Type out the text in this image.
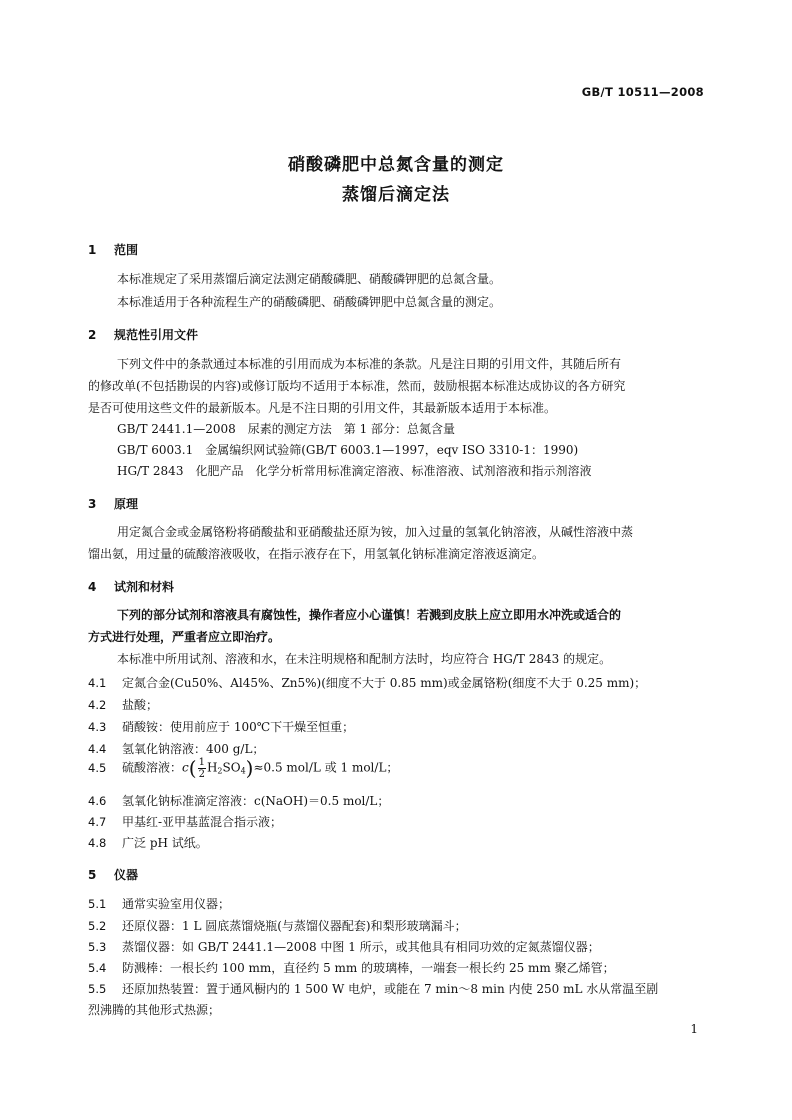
GB/T 10511—2008
硝酸磷肥中总氮含量的测定
蒸馏后滴定法
1 范围
本标准规定了采用蒸馏后滴定法测定硝酸磷肥、硝酸磷钾肥的总氮含量。
本标准适用于各种流程生产的硝酸磷肥、硝酸磷钾肥中总氮含量的测定。
2 规范性引用文件
下列文件中的条款通过本标准的引用而成为本标准的条款。凡是注日期的引用文件，其随后所有
的修改单(不包括勘误的内容)或修订版均不适用于本标准，然而，鼓励根据本标准达成协议的各方研究
是否可使用这些文件的最新版本。凡是不注日期的引用文件，其最新版本适用于本标准。
GB/T 2441.1—2008　尿素的测定方法　第 1 部分：总氮含量
GB/T 6003.1　金属编织网试验筛(GB/T 6003.1—1997，eqv ISO 3310-1：1990)
HG/T 2843　化肥产品　化学分析常用标准滴定溶液、标准溶液、试剂溶液和指示剂溶液
3 原理
用定氮合金或金属铬粉将硝酸盐和亚硝酸盐还原为铵，加入过量的氢氧化钠溶液，从碱性溶液中蒸
馏出氨，用过量的硫酸溶液吸收，在指示液存在下，用氢氧化钠标准滴定溶液返滴定。
4 试剂和材料
下列的部分试剂和溶液具有腐蚀性，操作者应小心谨慎！若溅到皮肤上应立即用水冲洗或适合的
方式进行处理，严重者应立即治疗。
本标准中所用试剂、溶液和水，在未注明规格和配制方法时，均应符合 HG/T 2843 的规定。
4.1 定氮合金(Cu50%、Al45%、Zn5%)(细度不大于 0.85 mm)或金属铬粉(细度不大于 0.25 mm)；
4.2 盐酸；
4.3 硝酸铵：使用前应于 100℃下干燥至恒重；
4.4 氢氧化钠溶液：400 g/L；
4.5 硫酸溶液：$c( \frac{1}{2} H_2SO_4)\approx 0.5$ mol/L 或 1 mol/L；
4.6 氢氧化钠标准滴定溶液：c(NaOH)＝0.5 mol/L；
4.7 甲基红-亚甲基蓝混合指示液；
4.8 广泛 pH 试纸。
5 仪器
5.1 通常实验室用仪器；
5.2 还原仪器：1 L 圆底蒸馏烧瓶(与蒸馏仪器配套)和梨形玻璃漏斗；
5.3 蒸馏仪器：如 GB/T 2441.1—2008 中图 1 所示，或其他具有相同功效的定氮蒸馏仪器；
5.4 防溅棒：一根长约 100 mm，直径约 5 mm 的玻璃棒，一端套一根长约 25 mm 聚乙烯管；
5.5 还原加热装置：置于通风橱内的 1 500 W 电炉，或能在 7 min～8 min 内使 250 mL 水从常温至剧
烈沸腾的其他形式热源；
1
